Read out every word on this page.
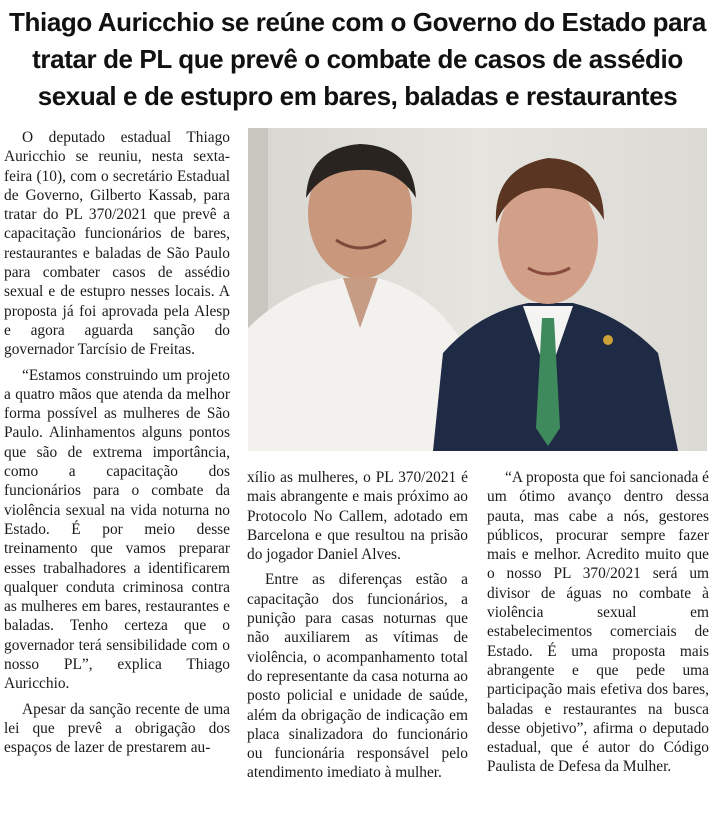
Thiago Auricchio se reúne com o Governo do Estado para
tratar de PL que prevê o combate de casos de assédio
sexual e de estupro em bares, baladas e restaurantes

O deputado estadual Thiago Auricchio se reuniu, nesta sexta-feira (10), com o secretário Estadual de Governo, Gilberto Kassab, para tratar do PL 370/2021 que prevê a capacitação funcionários de bares, restaurantes e baladas de São Paulo para combater casos de assédio sexual e de estupro nesses locais. A proposta já foi aprovada pela Alesp e agora aguarda sanção do governador Tarcísio de Freitas.

“Estamos construindo um projeto a quatro mãos que atenda da melhor forma possível as mulheres de São Paulo. Alinhamentos alguns pontos que são de extrema importância, como a capacitação dos funcionários para o combate da violência sexual na vida noturna no Estado. É por meio desse treinamento que vamos preparar esses trabalhadores a identificarem qualquer conduta criminosa contra as mulheres em bares, restaurantes e baladas. Tenho certeza que o governador terá sensibilidade com o nosso PL”, explica Thiago Auricchio.

Apesar da sanção recente de uma lei que prevê a obrigação dos espaços de lazer de prestarem au-

xílio as mulheres, o PL 370/2021 é mais abrangente e mais próximo ao Protocolo No Callem, adotado em Barcelona e que resultou na prisão do jogador Daniel Alves.

Entre as diferenças estão a capacitação dos funcionários, a punição para casas noturnas que não auxiliarem as vítimas de violência, o acompanhamento total do representante da casa noturna ao posto policial e unidade de saúde, além da obrigação de indicação em placa sinalizadora do funcionário ou funcionária responsável pelo atendimento imediato à mulher.

“A proposta que foi sancionada é um ótimo avanço dentro dessa pauta, mas cabe a nós, gestores públicos, procurar sempre fazer mais e melhor. Acredito muito que o nosso PL 370/2021 será um divisor de águas no combate à violência sexual em estabelecimentos comerciais de Estado. É uma proposta mais abrangente e que pede uma participação mais efetiva dos bares, baladas e restaurantes na busca desse objetivo”, afirma o deputado estadual, que é autor do Código Paulista de Defesa da Mulher.
